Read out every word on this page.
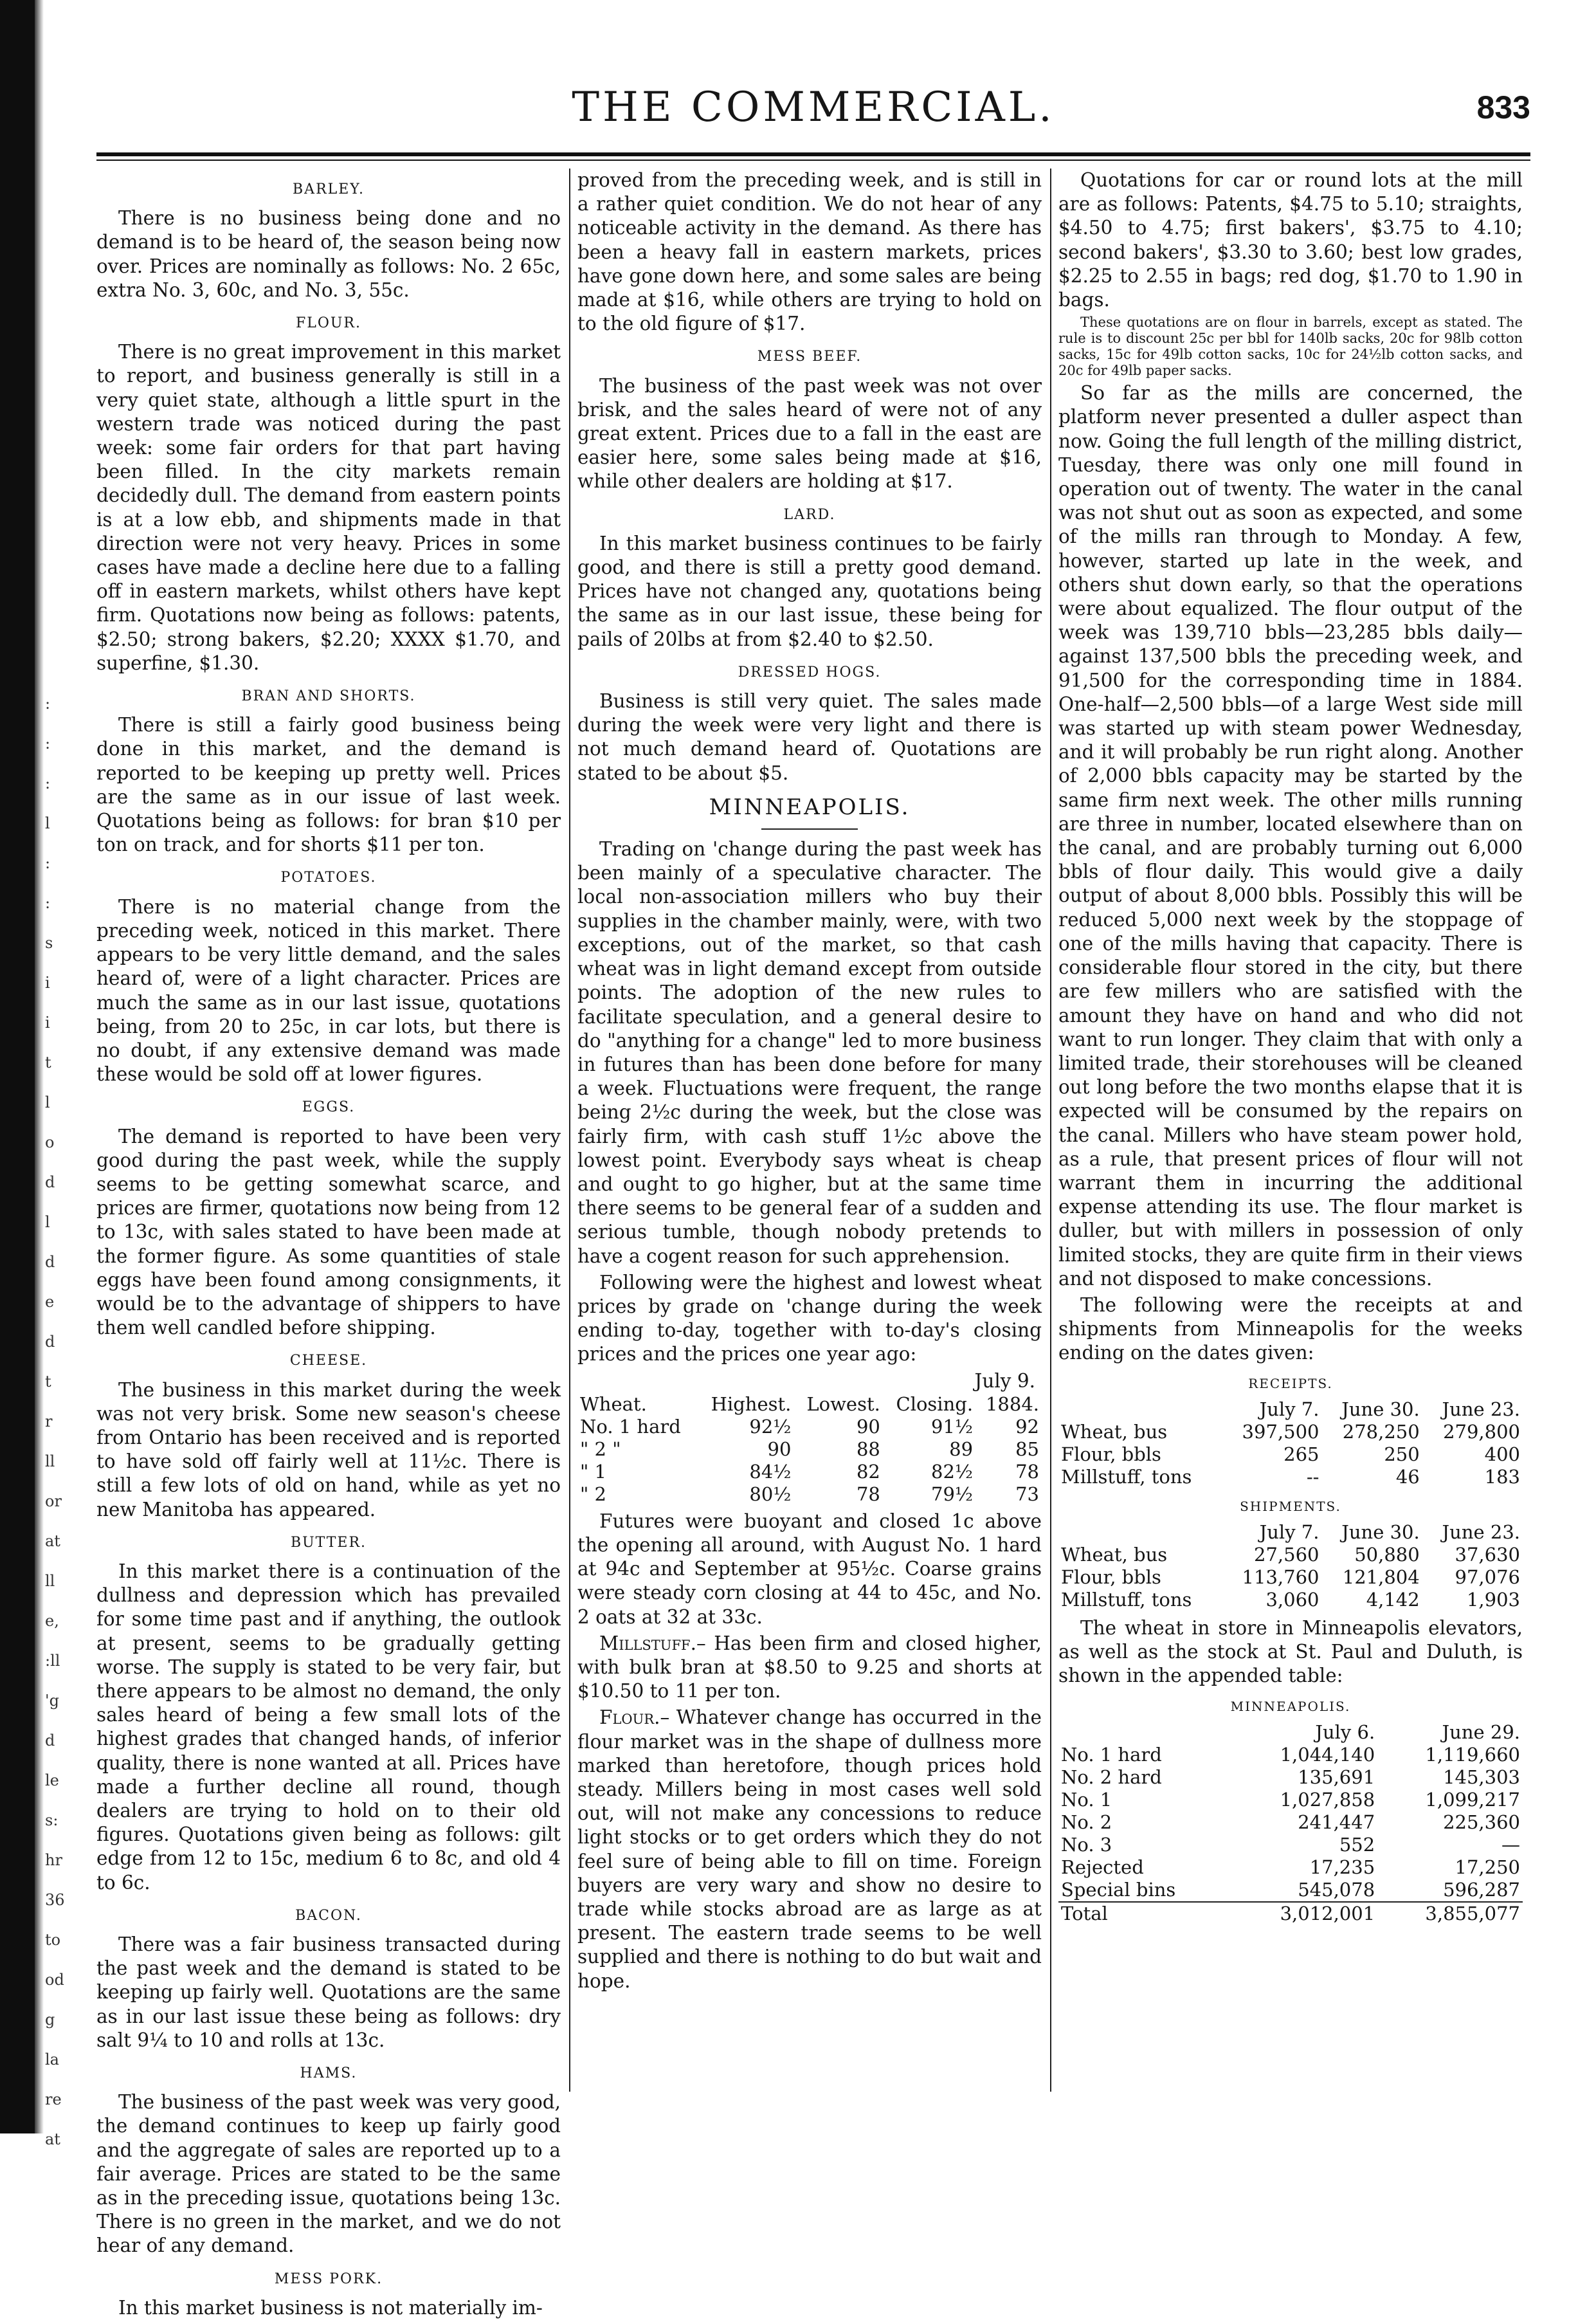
:
:
:
l
:
:
s
i
i
t
l
o
d
l
d
e
d
t
r
ll
or
at
ll
e,
:ll
'g
d
le
s:
hr
36
to
od
g
la
re
at
THE COMMERCIAL.	833
BARLEY.

There is no business being done and no demand is to be heard of, the season being now over. Prices are nominally as follows: No. 2 65c, extra No. 3, 60c, and No. 3, 55c.

FLOUR.

There is no great improvement in this market to report, and business generally is still in a very quiet state, although a little spurt in the western trade was noticed during the past week: some fair orders for that part having been filled. In the city markets remain decidedly dull. The demand from eastern points is at a low ebb, and shipments made in that direction were not very heavy. Prices in some cases have made a decline here due to a falling off in eastern markets, whilst others have kept firm. Quotations now being as follows: patents, $2.50; strong bakers, $2.20; XXXX $1.70, and superfine, $1.30.

BRAN AND SHORTS.

There is still a fairly good business being done in this market, and the demand is reported to be keeping up pretty well. Prices are the same as in our issue of last week. Quotations being as follows: for bran $10 per ton on track, and for shorts $11 per ton.

POTATOES.

There is no material change from the preceding week, noticed in this market. There appears to be very little demand, and the sales heard of, were of a light character. Prices are much the same as in our last issue, quotations being, from 20 to 25c, in car lots, but there is no doubt, if any extensive demand was made these would be sold off at lower figures.

EGGS.

The demand is reported to have been very good during the past week, while the supply seems to be getting somewhat scarce, and prices are firmer, quotations now being from 12 to 13c, with sales stated to have been made at the former figure. As some quantities of stale eggs have been found among consignments, it would be to the advantage of shippers to have them well candled before shipping.

CHEESE.

The business in this market during the week was not very brisk. Some new season's cheese from Ontario has been received and is reported to have sold off fairly well at 11½c. There is still a few lots of old on hand, while as yet no new Manitoba has appeared.

BUTTER.

In this market there is a continuation of the dullness and depression which has prevailed for some time past and if anything, the outlook at present, seems to be gradually getting worse. The supply is stated to be very fair, but there appears to be almost no demand, the only sales heard of being a few small lots of the highest grades that changed hands, of inferior quality, there is none wanted at all. Prices have made a further decline all round, though dealers are trying to hold on to their old figures. Quotations given being as follows: gilt edge from 12 to 15c, medium 6 to 8c, and old 4 to 6c.

BACON.

There was a fair business transacted during the past week and the demand is stated to be keeping up fairly well. Quotations are the same as in our last issue these being as follows: dry salt 9¼ to 10 and rolls at 13c.

HAMS.

The business of the past week was very good, the demand continues to keep up fairly good and the aggregate of sales are reported up to a fair average. Prices are stated to be the same as in the preceding issue, quotations being 13c. There is no green in the market, and we do not hear of any demand.

MESS PORK.

In this market business is not materially im-

proved from the preceding week, and is still in a rather quiet condition. We do not hear of any noticeable activity in the demand. As there has been a heavy fall in eastern markets, prices have gone down here, and some sales are being made at $16, while others are trying to hold on to the old figure of $17.

MESS BEEF.

The business of the past week was not over brisk, and the sales heard of were not of any great extent. Prices due to a fall in the east are easier here, some sales being made at $16, while other dealers are holding at $17.

LARD.

In this market business continues to be fairly good, and there is still a pretty good demand. Prices have not changed any, quotations being the same as in our last issue, these being for pails of 20lbs at from $2.40 to $2.50.

DRESSED HOGS.

Business is still very quiet. The sales made during the week were very light and there is not much demand heard of. Quotations are stated to be about $5.

MINNEAPOLIS.

Trading on 'change during the past week has been mainly of a speculative character. The local non-association millers who buy their supplies in the chamber mainly, were, with two exceptions, out of the market, so that cash wheat was in light demand except from outside points. The adoption of the new rules to facilitate speculation, and a general desire to do "anything for a change" led to more business in futures than has been done before for many a week. Fluctuations were frequent, the range being 2½c during the week, but the close was fairly firm, with cash stuff 1½c above the lowest point. Everybody says wheat is cheap and ought to go higher, but at the same time there seems to be general fear of a sudden and serious tumble, though nobody pretends to have a cogent reason for such apprehension.

Following were the highest and lowest wheat prices by grade on 'change during the week ending to-day, together with to-day's closing prices and the prices one year ago:

July 9.
Wheat.	Highest.	Lowest.	Closing.	1884.
No. 1 hard	92½	90	91½	92
" 2 "	90	88	89	85
" 1	84½	82	82½	78
" 2	80½	78	79½	73

Futures were buoyant and closed 1c above the opening all around, with August No. 1 hard at 94c and September at 95½c. Coarse grains were steady corn closing at 44 to 45c, and No. 2 oats at 32 at 33c.

Millstuff.– Has been firm and closed higher, with bulk bran at $8.50 to 9.25 and shorts at $10.50 to 11 per ton.

Flour.– Whatever change has occurred in the flour market was in the shape of dullness more marked than heretofore, though prices hold steady. Millers being in most cases well sold out, will not make any concessions to reduce light stocks or to get orders which they do not feel sure of being able to fill on time. Foreign buyers are very wary and show no desire to trade while stocks abroad are as large as at present. The eastern trade seems to be well supplied and there is nothing to do but wait and hope.

Quotations for car or round lots at the mill are as follows: Patents, $4.75 to 5.10; straights, $4.50 to 4.75; first bakers', $3.75 to 4.10; second bakers', $3.30 to 3.60; best low grades, $2.25 to 2.55 in bags; red dog, $1.70 to 1.90 in bags.

These quotations are on flour in barrels, except as stated. The rule is to discount 25c per bbl for 140lb sacks, 20c for 98lb cotton sacks, 15c for 49lb cotton sacks, 10c for 24½lb cotton sacks, and 20c for 49lb paper sacks.

So far as the mills are concerned, the platform never presented a duller aspect than now. Going the full length of the milling district, Tuesday, there was only one mill found in operation out of twenty. The water in the canal was not shut out as soon as expected, and some of the mills ran through to Monday. A few, however, started up late in the week, and others shut down early, so that the operations were about equalized. The flour output of the week was 139,710 bbls—23,285 bbls daily—against 137,500 bbls the preceding week, and 91,500 for the corresponding time in 1884. One-half—2,500 bbls—of a large West side mill was started up with steam power Wednesday, and it will probably be run right along. Another of 2,000 bbls capacity may be started by the same firm next week. The other mills running are three in number, located elsewhere than on the canal, and are probably turning out 6,000 bbls of flour daily. This would give a daily output of about 8,000 bbls. Possibly this will be reduced 5,000 next week by the stoppage of one of the mills having that capacity. There is considerable flour stored in the city, but there are few millers who are satisfied with the amount they have on hand and who did not want to run longer. They claim that with only a limited trade, their storehouses will be cleaned out long before the two months elapse that it is expected will be consumed by the repairs on the canal. Millers who have steam power hold, as a rule, that present prices of flour will not warrant them in incurring the additional expense attending its use. The flour market is duller, but with millers in possession of only limited stocks, they are quite firm in their views and not disposed to make concessions.

The following were the receipts at and shipments from Minneapolis for the weeks ending on the dates given:

RECEIPTS.
	July 7.	June 30.	June 23.
Wheat, bus	397,500	278,250	279,800
Flour, bbls	265	250	400
Millstuff, tons	--	46	183
SHIPMENTS.
	July 7.	June 30.	June 23.
Wheat, bus	27,560	50,880	37,630
Flour, bbls	113,760	121,804	97,076
Millstuff, tons	3,060	4,142	1,903

The wheat in store in Minneapolis elevators, as well as the stock at St. Paul and Duluth, is shown in the appended table:

MINNEAPOLIS.
	July 6.	June 29.
No. 1 hard	1,044,140	1,119,660
No. 2 hard	135,691	145,303
No. 1	1,027,858	1,099,217
No. 2	241,447	225,360
No. 3	552	—
Rejected	17,235	17,250
Special bins	545,078	596,287
Total	3,012,001	3,855,077
